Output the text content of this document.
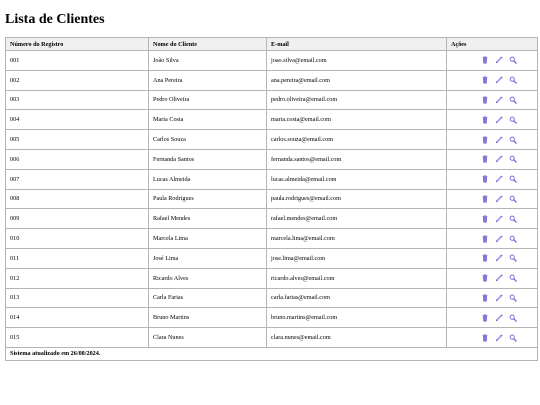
Lista de Clientes
Número do Registro	Nome do Cliente	E-mail	Ações
001	João Silva	joao.silva@email.com	

002	Ana Pereira	ana.pereira@email.com	

003	Pedro Oliveira	pedro.oliveira@email.com	

004	Maria Costa	maria.costa@email.com	

005	Carlos Souza	carlos.souza@email.com	

006	Fernanda Santos	fernanda.santos@email.com	

007	Lucas Almeida	lucas.almeida@email.com	

008	Paula Rodrigues	paula.rodrigues@email.com	

009	Rafael Mendes	rafael.mendes@email.com	

010	Marcela Lima	marcela.lima@email.com	

011	José Lima	jose.lima@email.com	

012	Ricardo Alves	ricardo.alves@email.com	

013	Carla Farias	carla.farias@email.com	

014	Bruno Martins	bruno.martins@email.com	

015	Clara Nunes	clara.nunes@email.com	

Sistema atualizado em 26/08/2024.			
